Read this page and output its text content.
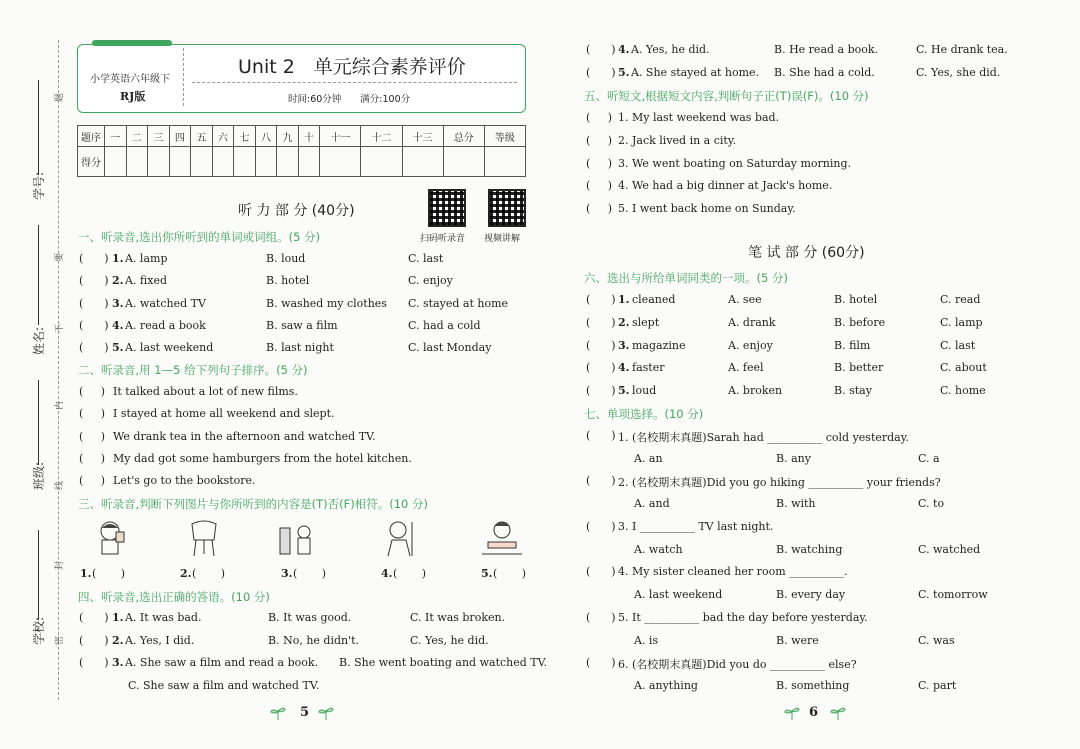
学号:
姓名:
班级:
学校:
题
要
不
内
线
封
密
小学英语六年级下
RJ版
Unit 2　单元综合素养评价
时间:60分钟　　满分:100分
题序	一	二	三	四	五	六	七	八	九	十	十一	十二	十三	总分	等级
得分															
听 力 部 分 (40分)
扫码听录音 视频讲解
一、听录音,选出你所听到的单词或词组。(5 分)
(      ) 1. A. lamp	B. loud	C. last
(      ) 2. A. fixed	B. hotel	C. enjoy
(      ) 3. A. watched TV	B. washed my clothes C. stayed at home
(      ) 4. A. read a book	B. saw a film	C. had a cold
(      ) 5. A. last weekend	B. last night	C. last Monday
二、听录音,用 1—5 给下列句子排序。(5 分)
(     ) It talked about a lot of new films.
(     ) I stayed at home all weekend and slept.
(     ) We drank tea in the afternoon and watched TV.
(     ) My dad got some hamburgers from the hotel kitchen.
(     ) Let's go to the bookstore.
三、听录音,判断下列图片与你所听到的内容是(T)否(F)相符。(10 分)
1. (       )	2. (       )	3. (       )	4. (       )	5. (       )
四、听录音,选出正确的答语。(10 分)
(      ) 1. A. It was bad.	B. It was good.	C. It was broken.
(      ) 2. A. Yes, I did.	B. No, he didn't.	C. Yes, he did.
(      ) 3. A. She saw a film and read a book. B. She went boating and watched TV.
C. She saw a film and watched TV.
(      ) 4. A. Yes, he did.	B. He read a book.	C. He drank tea.
(      ) 5. A. She stayed at home. B. She had a cold.	C. Yes, she did.
五、听短文,根据短文内容,判断句子正(T)误(F)。(10 分)
(     ) 1. My last weekend was bad.
(     ) 2. Jack lived in a city.
(     ) 3. We went boating on Saturday morning.
(     ) 4. We had a big dinner at Jack's home.
(     ) 5. I went back home on Sunday.
笔 试 部 分 (60分)
六、选出与所给单词同类的一项。(5 分)
(      ) 1. cleaned	A. see	B. hotel	C. read
(      ) 2. slept	A. drank	B. before	C. lamp
(      ) 3. magazine	A. enjoy	B. film	C. last
(      ) 4. faster	A. feel	B. better	C. about
(      ) 5. loud	A. broken	B. stay	C. home
七、单项选择。(10 分)
(      ) 1. (名校期末真题)Sarah had __________ cold yesterday.
A. an	B. any	C. a
(      ) 2. (名校期末真题)Did you go hiking __________ your friends?
A. and	B. with	C. to
(      ) 3. I __________ TV last night.
A. watch	B. watching	C. watched
(      ) 4. My sister cleaned her room __________.
A. last weekend	B. every day	C. tomorrow
(      ) 5. It __________ bad the day before yesterday.
A. is	B. were	C. was
(      ) 6. (名校期末真题)Did you do __________ else?
A. anything	B. something	C. part
5	6
